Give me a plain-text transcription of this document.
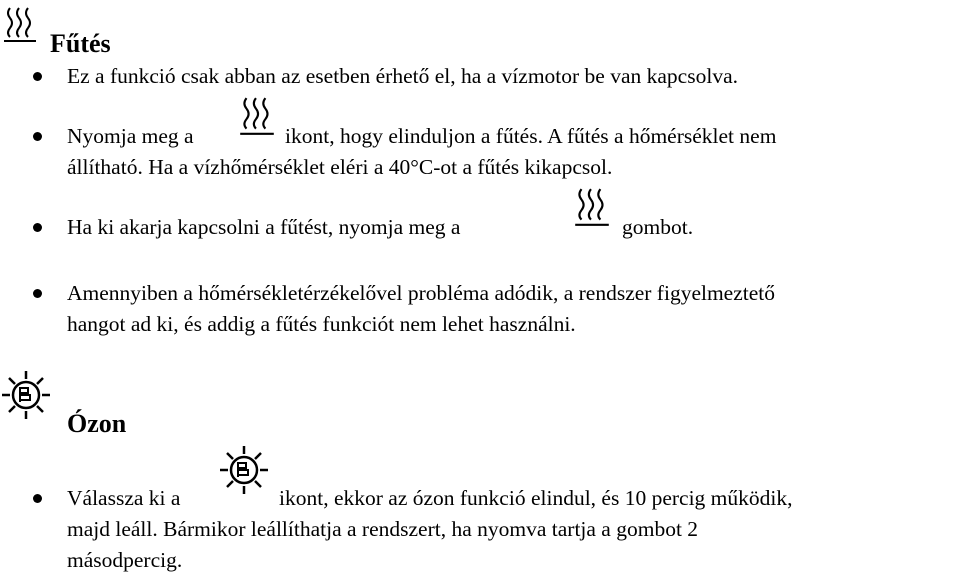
Fűtés
Ez a funkció csak abban az esetben érhető el, ha a vízmotor be van kapcsolva.
Nyomja meg a	ikont, hogy elinduljon a fűtés. A fűtés a hőmérséklet nem
állítható. Ha a vízhőmérséklet eléri a 40°C-ot a fűtés kikapcsol.
Ha ki akarja kapcsolni a fűtést, nyomja meg a	gombot.
Amennyiben a hőmérsékletérzékelővel probléma adódik, a rendszer figyelmeztető
hangot ad ki, és addig a fűtés funkciót nem lehet használni.
Ózon
Válassza ki a	ikont, ekkor az ózon funkció elindul, és 10 percig működik,
majd leáll. Bármikor leállíthatja a rendszert, ha nyomva tartja a gombot 2
másodpercig.
